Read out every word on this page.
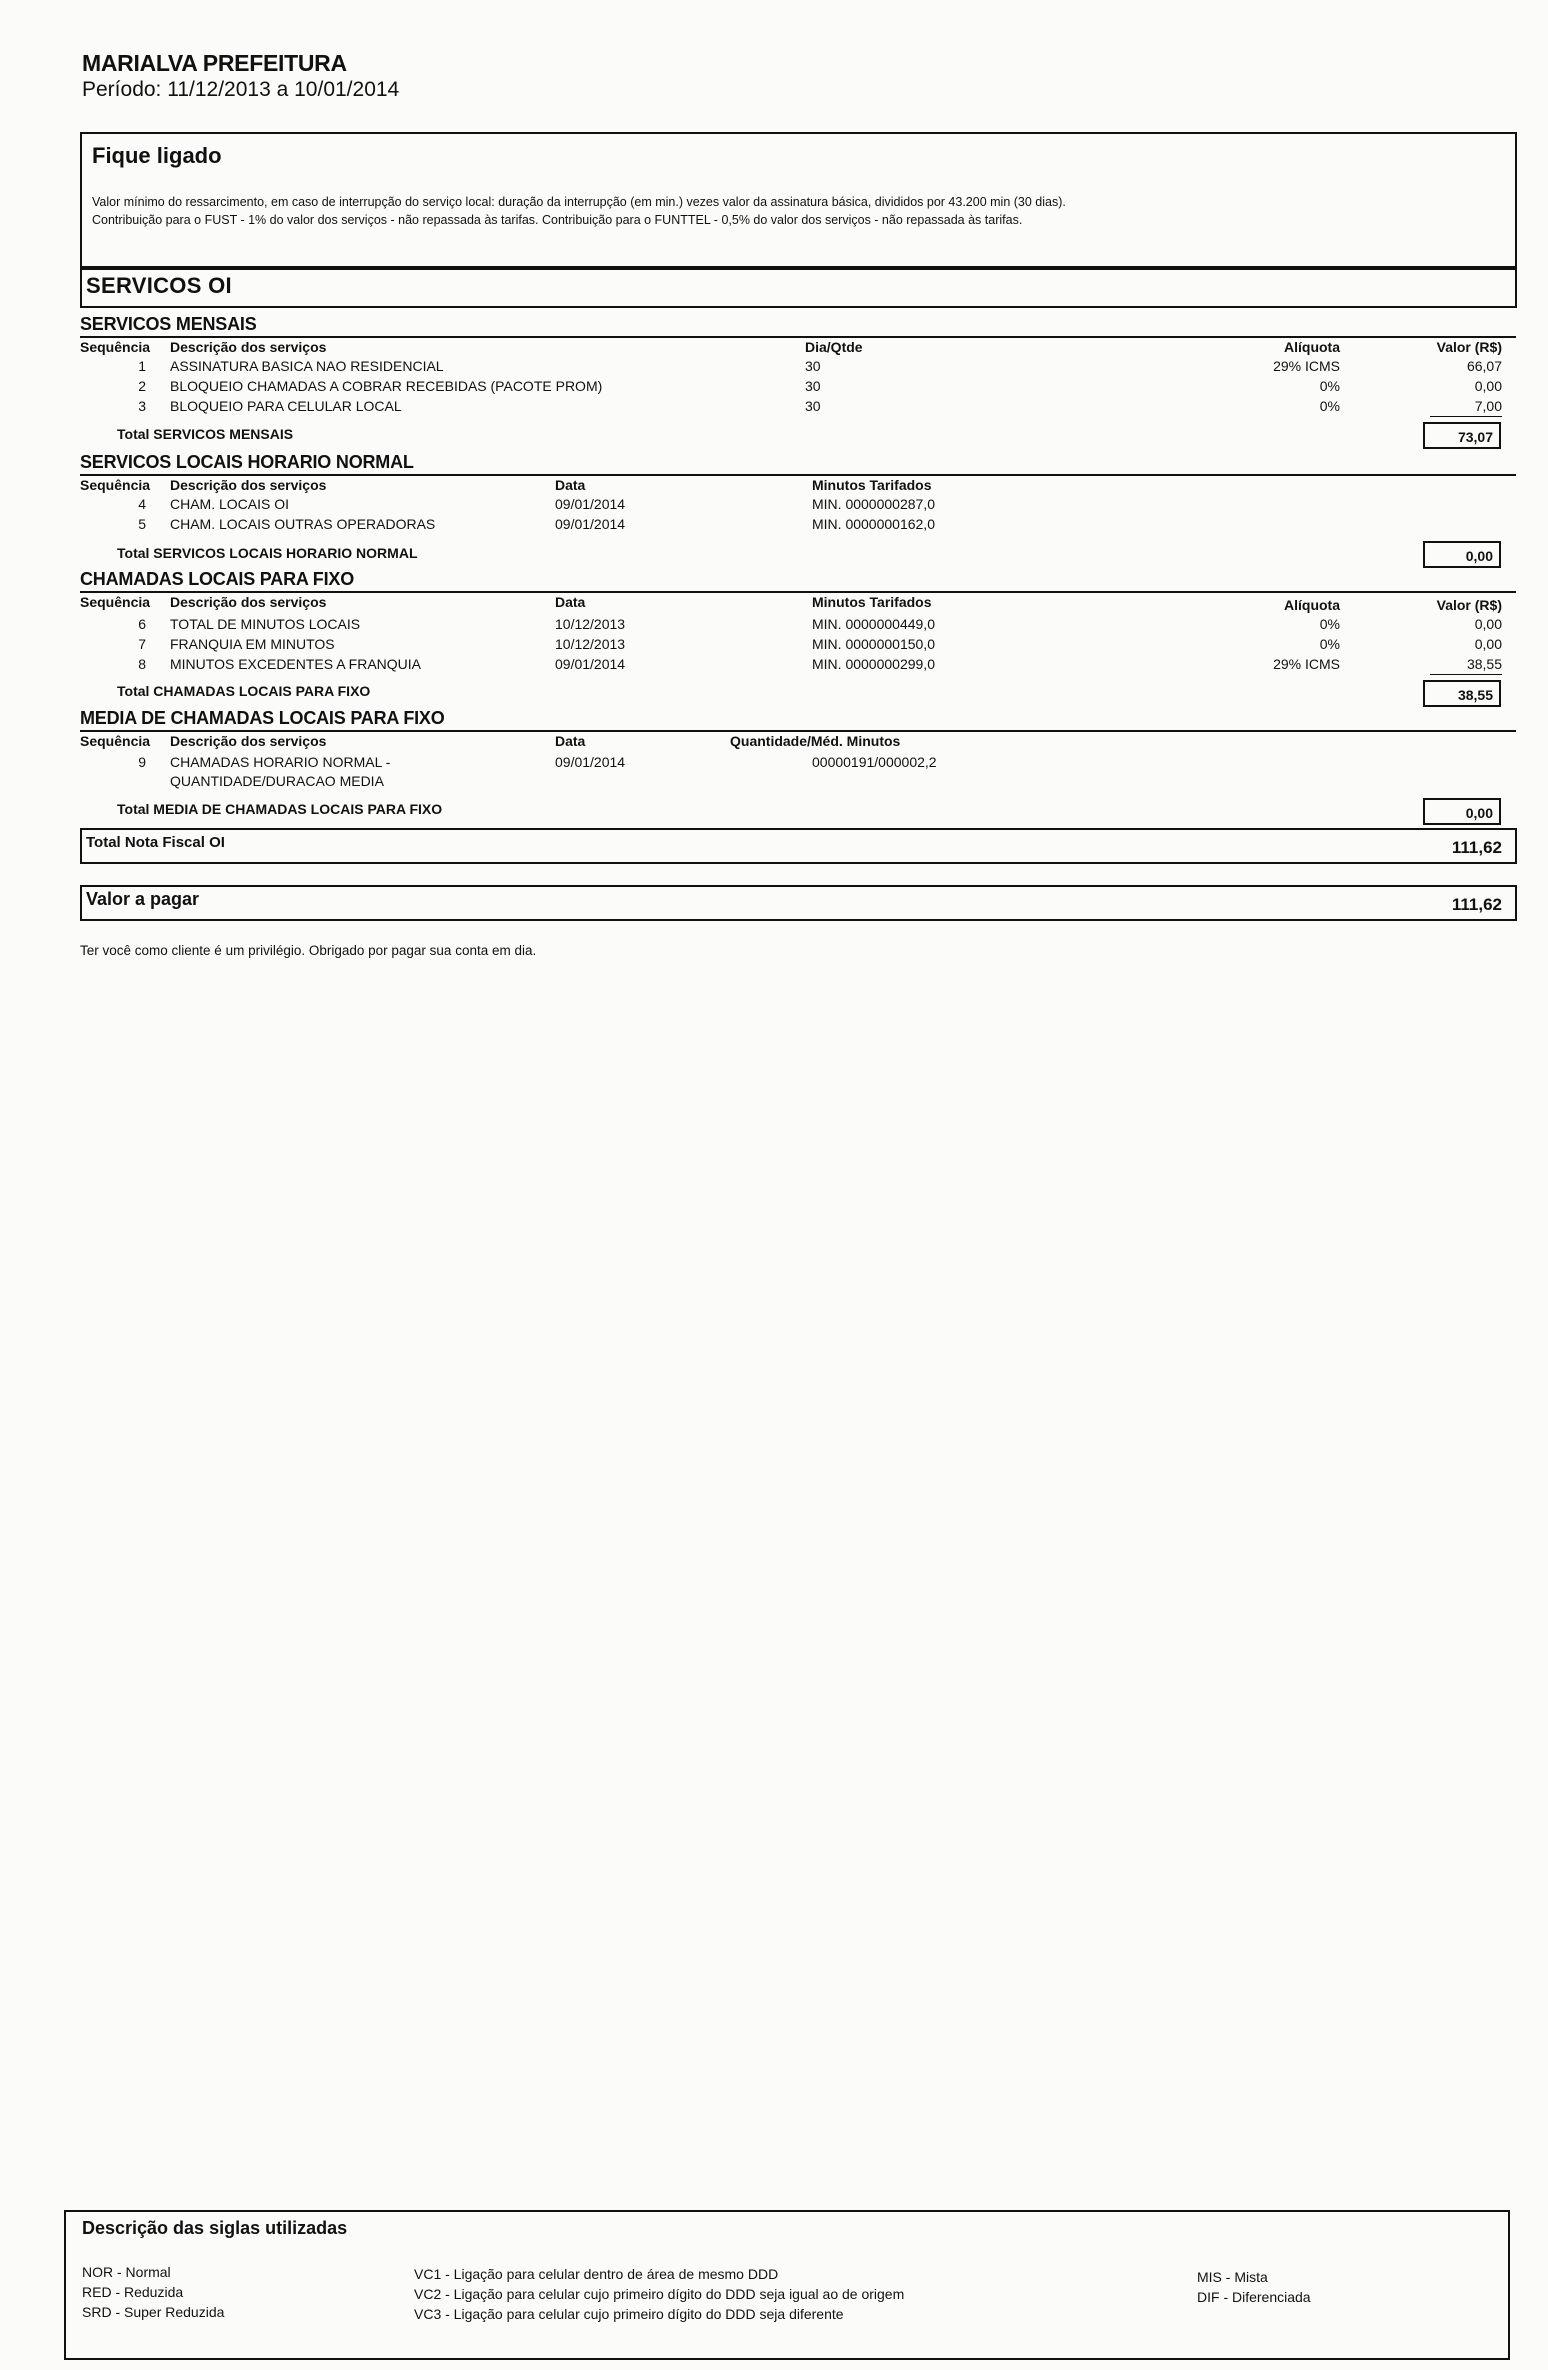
MARIALVA PREFEITURA
Período: 11/12/2013 a 10/01/2014
Fique ligado
Valor mínimo do ressarcimento, em caso de interrupção do serviço local: duração da interrupção (em min.) vezes valor da assinatura básica, divididos por 43.200 min (30 dias).
Contribuição para o FUST - 1% do valor dos serviços - não repassada às tarifas. Contribuição para o FUNTTEL - 0,5% do valor dos serviços - não repassada às tarifas.
SERVICOS OI
SERVICOS MENSAIS
Sequência Descrição dos serviços	Dia/Qtde	Alíquota	Valor (R$)
1 ASSINATURA BASICA NAO RESIDENCIAL	30	29% ICMS	66,07
2 BLOQUEIO CHAMADAS A COBRAR RECEBIDAS (PACOTE PROM)	30	0%	0,00
3 BLOQUEIO PARA CELULAR LOCAL	30	0%	7,00
Total SERVICOS MENSAIS	73,07
SERVICOS LOCAIS HORARIO NORMAL
Sequência Descrição dos serviços	Data	Minutos Tarifados
4 CHAM. LOCAIS OI	09/01/2014	MIN. 0000000287,0
5 CHAM. LOCAIS OUTRAS OPERADORAS	09/01/2014	MIN. 0000000162,0
Total SERVICOS LOCAIS HORARIO NORMAL	0,00
CHAMADAS LOCAIS PARA FIXO
Sequência Descrição dos serviços	Data	Minutos Tarifados	Alíquota	Valor (R$)
6 TOTAL DE MINUTOS LOCAIS	10/12/2013	MIN. 0000000449,0	0%	0,00
7 FRANQUIA EM MINUTOS	10/12/2013	MIN. 0000000150,0	0%	0,00
8 MINUTOS EXCEDENTES A FRANQUIA	09/01/2014	MIN. 0000000299,0	29% ICMS	38,55
Total CHAMADAS LOCAIS PARA FIXO	38,55
MEDIA DE CHAMADAS LOCAIS PARA FIXO
Sequência Descrição dos serviços	Data	Quantidade/Méd. Minutos
9 CHAMADAS HORARIO NORMAL -	09/01/2014	00000191/000002,2
QUANTIDADE/DURACAO MEDIA
Total MEDIA DE CHAMADAS LOCAIS PARA FIXO	0,00
Total Nota Fiscal OI	111,62
Valor a pagar	111,62
Ter você como cliente é um privilégio. Obrigado por pagar sua conta em dia.
Descrição das siglas utilizadas
NOR - Normal
RED - Reduzida
SRD - Super Reduzida
VC1 - Ligação para celular dentro de área de mesmo DDD
VC2 - Ligação para celular cujo primeiro dígito do DDD seja igual ao de origem
VC3 - Ligação para celular cujo primeiro dígito do DDD seja diferente
MIS - Mista
DIF - Diferenciada
